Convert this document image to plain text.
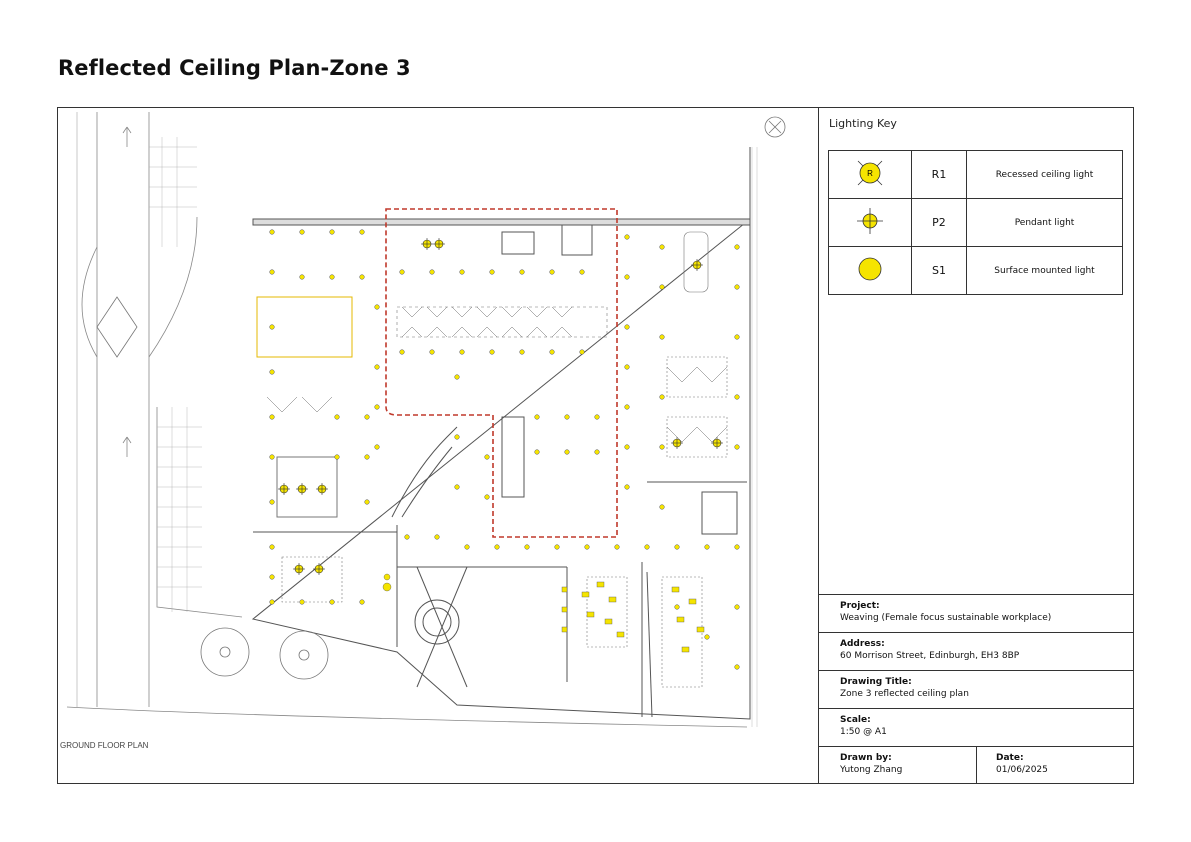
Reflected Ceiling Plan-Zone 3
GROUND FLOOR PLAN
Lighting Key
R	R1	Recessed ceiling light
	P2	Pendant light
	S1	Surface mounted light
Project:
Weaving (Female focus sustainable workplace)
Address:
60 Morrison Street, Edinburgh, EH3 8BP
Drawing Title:
Zone 3 reflected ceiling plan
Scale:
1:50 @ A1
Drawn by:
Yutong Zhang
Date:
01/06/2025
